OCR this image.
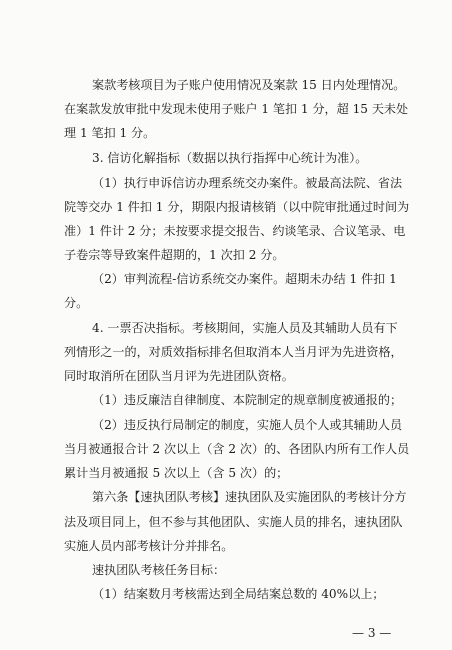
案款考核项目为子账户使用情况及案款 15 日内处理情况。
在案款发放审批中发现未使用子账户 1 笔扣 1 分，超 15 天未处
理 1 笔扣 1 分。
3. 信访化解指标（数据以执行指挥中心统计为准）。
（1）执行申诉信访办理系统交办案件。被最高法院、省法
院等交办 1 件扣 1 分，期限内报请核销（以中院审批通过时间为
准）1 件计 2 分；未按要求提交报告、约谈笔录、合议笔录、电
子卷宗等导致案件超期的，1 次扣 2 分。
（2）审判流程-信访系统交办案件。超期未办结 1 件扣 1
分。
4. 一票否决指标。考核期间，实施人员及其辅助人员有下
列情形之一的，对质效指标排名但取消本人当月评为先进资格，
同时取消所在团队当月评为先进团队资格。
（1）违反廉洁自律制度、本院制定的规章制度被通报的；
（2）违反执行局制定的制度，实施人员个人或其辅助人员
当月被通报合计 2 次以上（含 2 次）的、各团队内所有工作人员
累计当月被通报 5 次以上（含 5 次）的；
第六条【速执团队考核】速执团队及实施团队的考核计分方
法及项目同上，但不参与其他团队、实施人员的排名，速执团队
实施人员内部考核计分并排名。
速执团队考核任务目标：
（1）结案数月考核需达到全局结案总数的 40%以上；
— 3 —
